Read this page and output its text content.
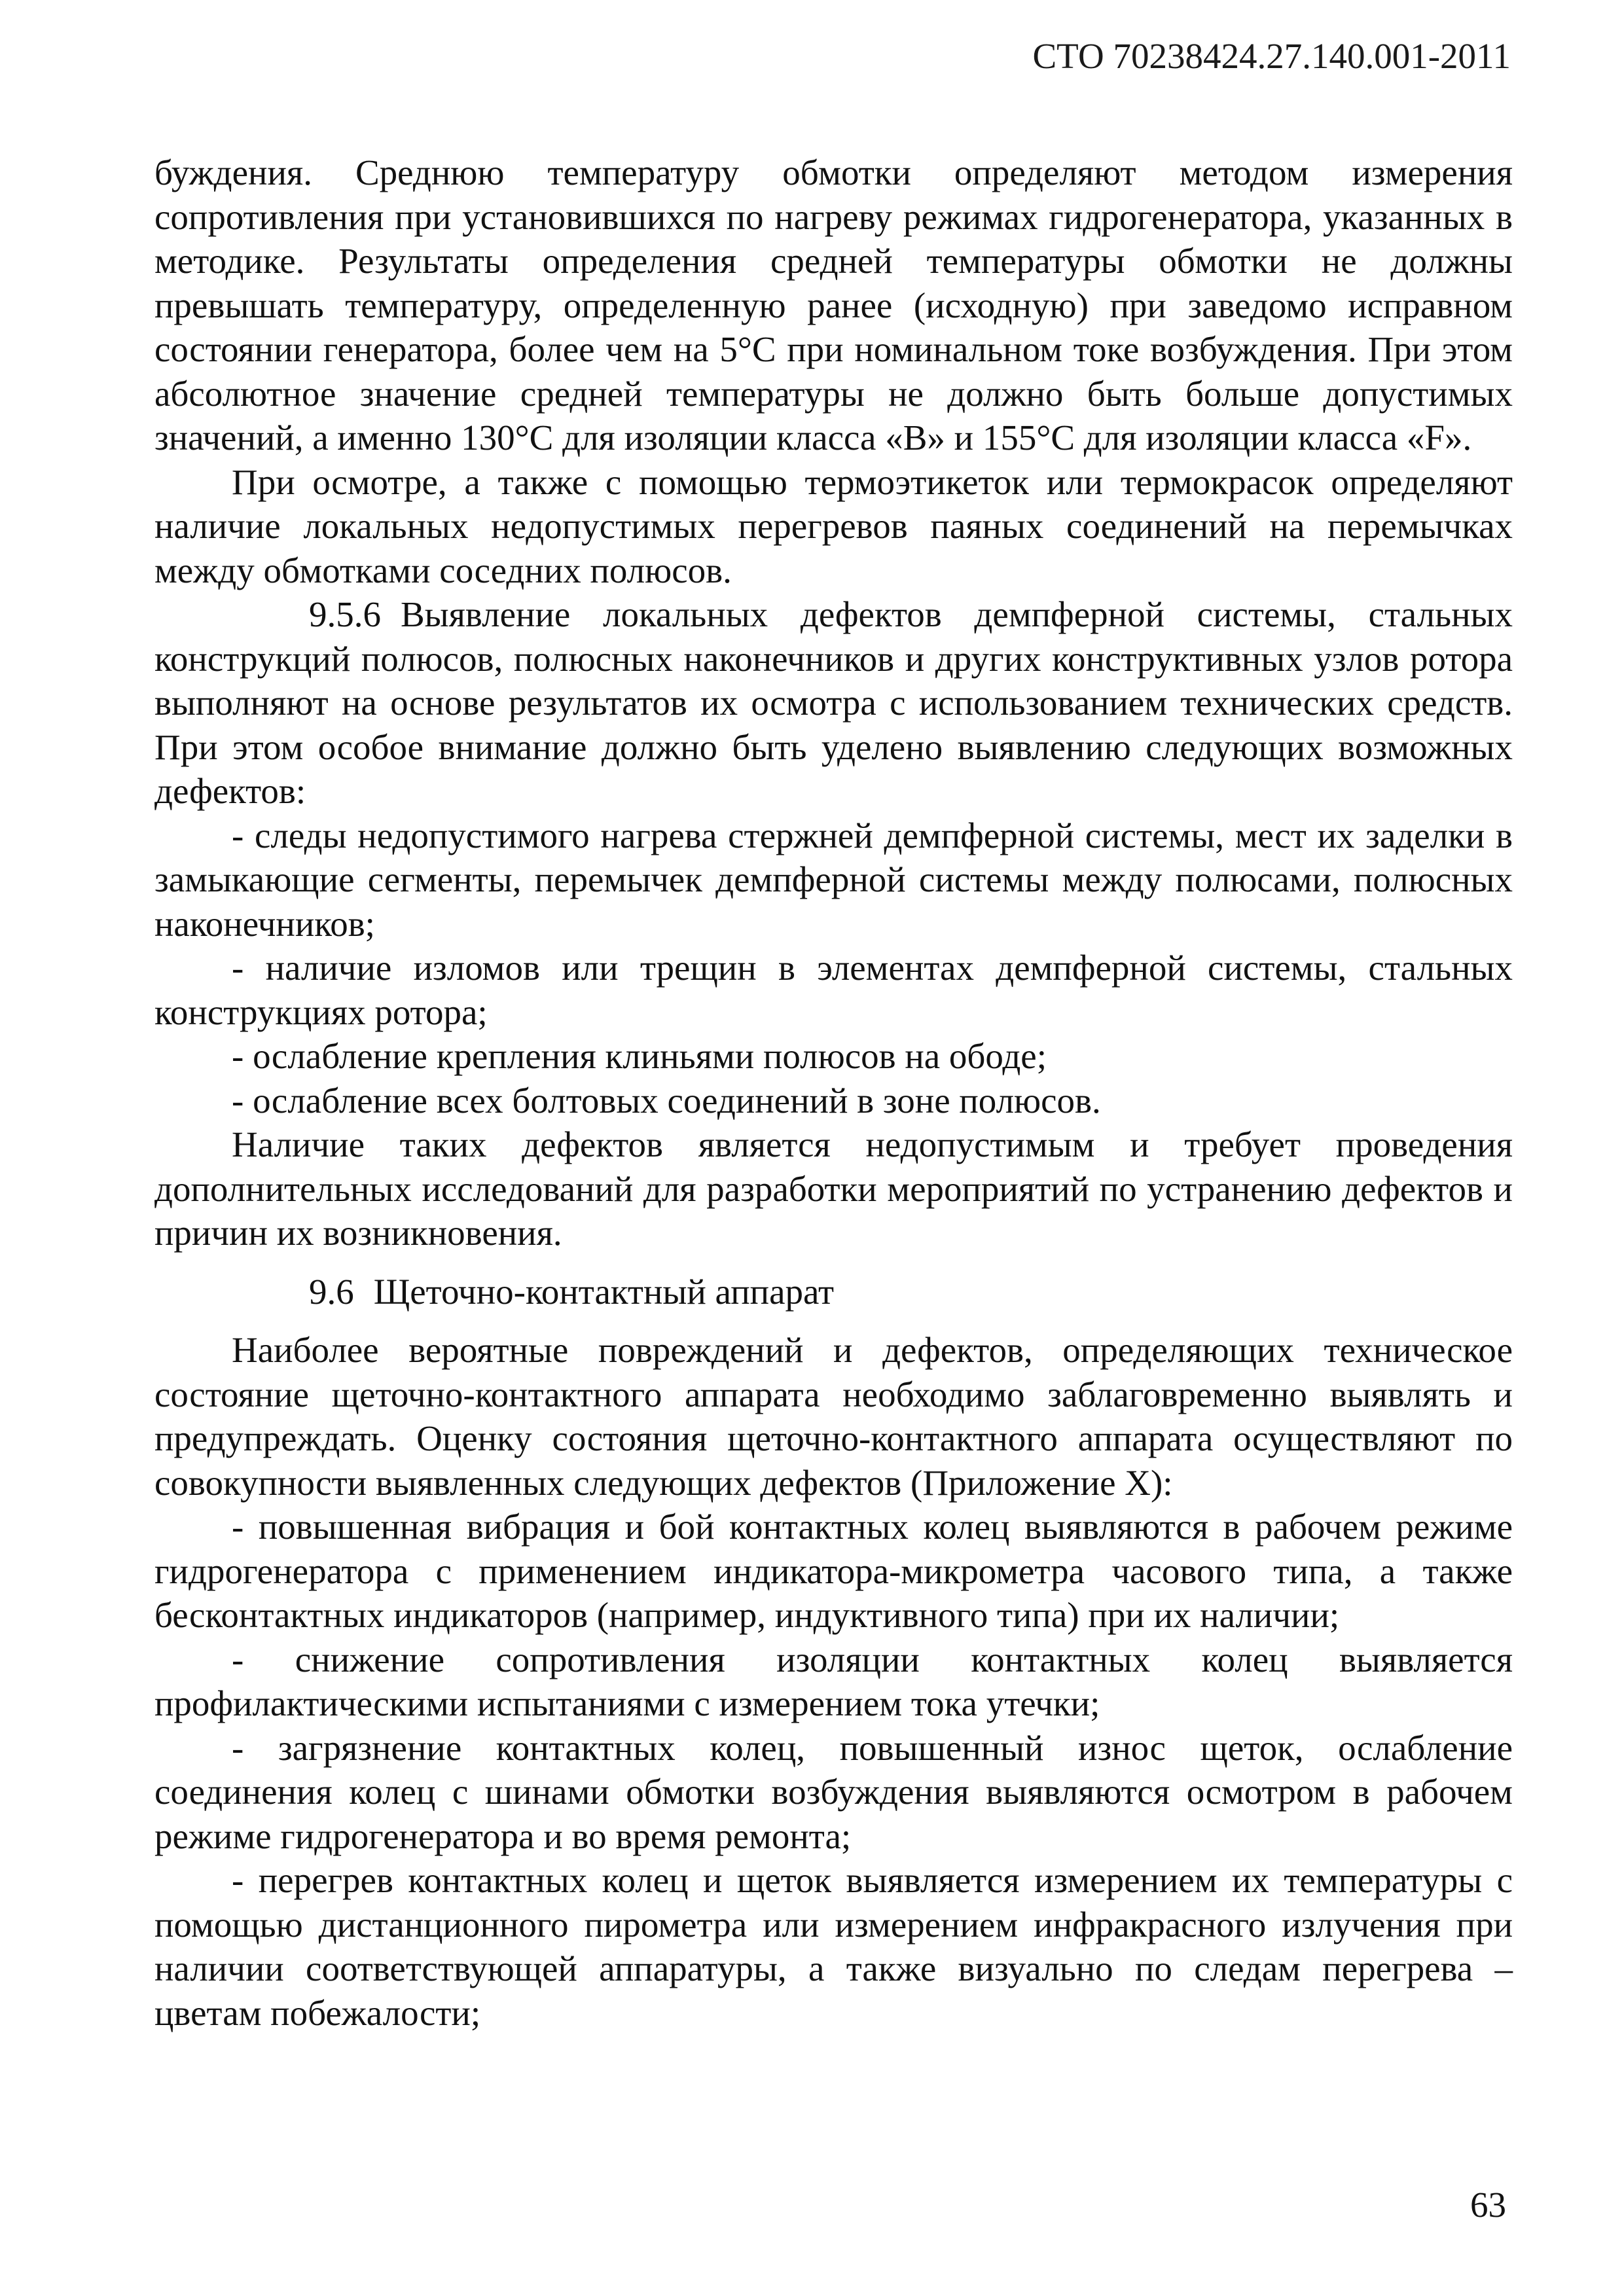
СТО 70238424.27.140.001-2011

буждения. Среднюю температуру обмотки определяют методом измерения сопротивления при установившихся по нагреву режимах гидрогенератора, указанных в методике. Результаты определения средней температуры обмотки не должны превышать температуру, определенную ранее (исходную) при заведомо исправном состоянии генератора, более чем на 5°С при номинальном токе возбуждения. При этом абсолютное значение средней температуры не должно быть больше допустимых значений, а именно 130°С для изоляции класса «В» и 155°С для изоляции класса «F».

При осмотре, а также с помощью термоэтикеток или термокрасок определяют наличие локальных недопустимых перегревов паяных соединений на перемычках между обмотками соседних полюсов.

9.5.6 Выявление локальных дефектов демпферной системы, стальных конструкций полюсов, полюсных наконечников и других конструктивных узлов ротора выполняют на основе результатов их осмотра с использованием технических средств. При этом особое внимание должно быть уделено выявлению следующих возможных дефектов:

- следы недопустимого нагрева стержней демпферной системы, мест их заделки в замыкающие сегменты, перемычек демпферной системы между полюсами, полюсных наконечников;

- наличие изломов или трещин в элементах демпферной системы, стальных конструкциях ротора;

- ослабление крепления клиньями полюсов на ободе;

- ослабление всех болтовых соединений в зоне полюсов.

Наличие таких дефектов является недопустимым и требует проведения дополнительных исследований для разработки мероприятий по устранению дефектов и причин их возникновения.

9.6 Щеточно-контактный аппарат

Наиболее вероятные повреждений и дефектов, определяющих техническое состояние щеточно-контактного аппарата необходимо заблаговременно выявлять и предупреждать. Оценку состояния щеточно-контактного аппарата осуществляют по совокупности выявленных следующих дефектов (Приложение Х):

- повышенная вибрация и бой контактных колец выявляются в рабочем режиме гидрогенератора с применением индикатора-микрометра часового типа, а также бесконтактных индикаторов (например, индуктивного типа) при их наличии;

- снижение сопротивления изоляции контактных колец выявляется профилактическими испытаниями с измерением тока утечки;

- загрязнение контактных колец, повышенный износ щеток, ослабление соединения колец с шинами обмотки возбуждения выявляются осмотром в рабочем режиме гидрогенератора и во время ремонта;

- перегрев контактных колец и щеток выявляется измерением их температуры с помощью дистанционного пирометра или измерением инфракрасного излучения при наличии соответствующей аппаратуры, а также визуально по следам перегрева – цветам побежалости;

63
